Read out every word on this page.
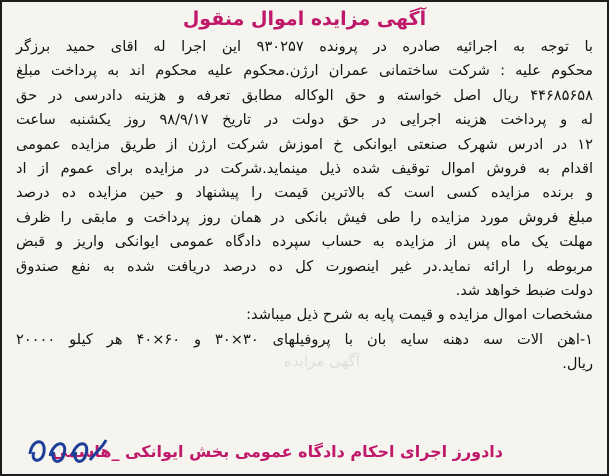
آگهی مزایده اموال منقول
آگهی مزایده
با توجه به اجرائیه صادره در پرونده ۹۳۰۲۵۷ این اجرا له اقای حمید برزگر
محکوم علیه : شرکت ساختمانی عمران ارژن.محکوم علیه محکوم اند به پرداخت مبلغ
۴۴۶۸۵۶۵۸ ریال اصل خواسته و حق الوکاله مطابق تعرفه و هزینه دادرسی در حق
له و پرداخت هزینه اجرایی در حق دولت در تاریخ ۹۸/۹/۱۷ روز یکشنبه ساعت
۱۲ در ادرس شهرک صنعتی ایوانکی خ اموزش شرکت ارژن از طریق مزایده عمومی
اقدام به فروش اموال توقیف شده ذیل مینماید.شرکت در مزایده برای عموم از اد
و برنده مزایده کسی است که بالاترین قیمت را پیشنهاد و حین مزایده ده درصد
مبلغ فروش مورد مزایده را طی فیش بانکی در همان روز پرداخت و مابقی را ظرف
مهلت یک ماه پس از مزایده به حساب سپرده دادگاه عمومی ایوانکی واریز و قبض
مربوطه را ارائه نماید.در غیر اینصورت کل ده درصد دریافت شده به نفع صندوق
دولت ضبط خواهد شد.
مشخصات اموال مزایده و قیمت پایه به شرح ذیل میباشد:
۱-اهن الات سه دهنه سایه بان با پروفیلهای ۳۰×۳۰ و ۶۰×۴۰ هر کیلو ۲۰۰۰۰
ریال.
دادورز اجرای احکام دادگاه عمومی بخش ایوانکی _هاشمی
